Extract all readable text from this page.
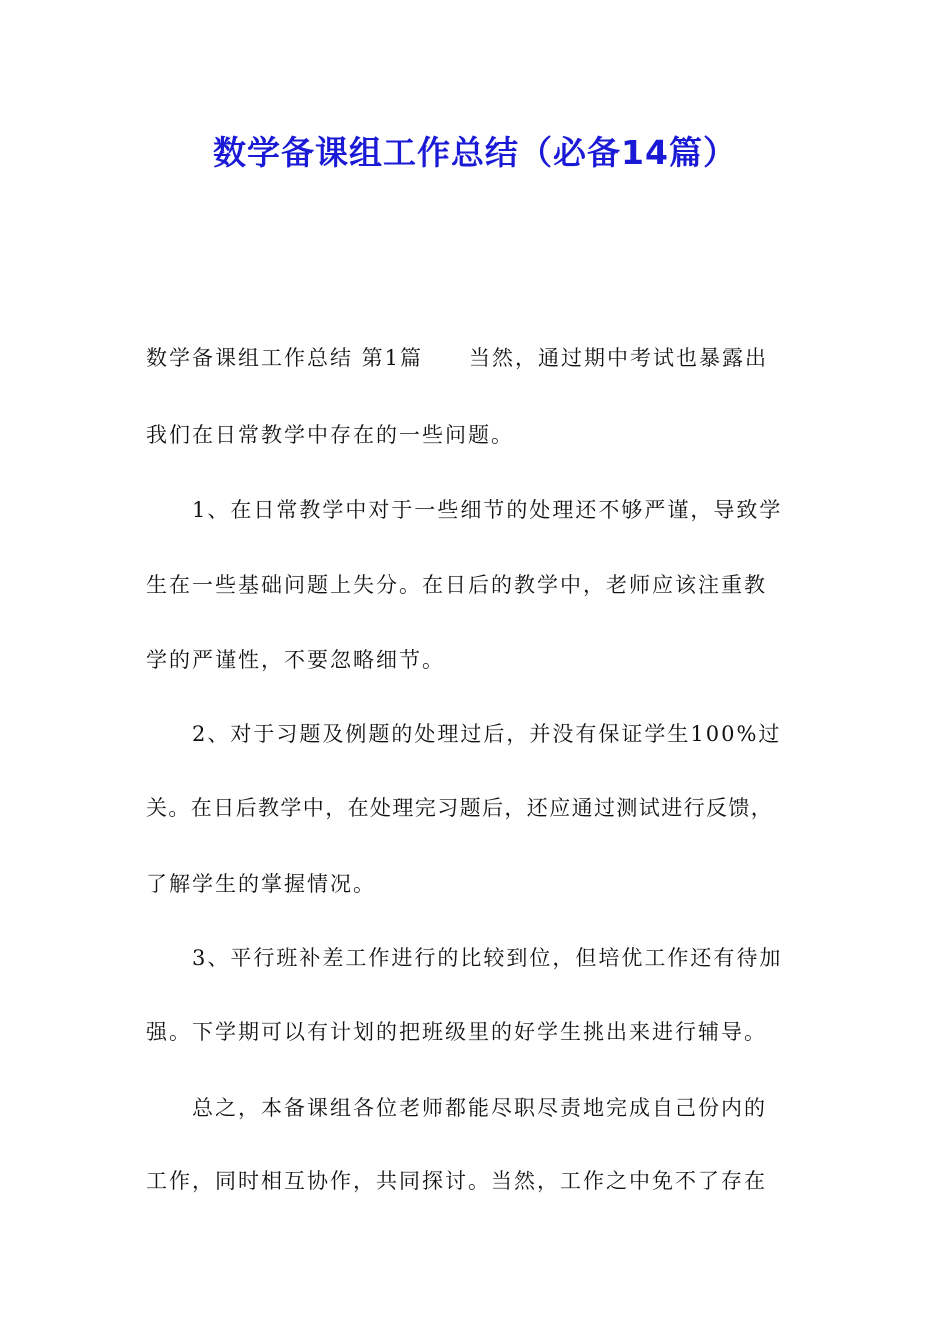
数学备课组工作总结（必备14篇）

数学备课组工作总结 第1篇 当然，通过期中考试也暴露出

我们在日常教学中存在的一些问题。

1、在日常教学中对于一些细节的处理还不够严谨，导致学

生在一些基础问题上失分。在日后的教学中，老师应该注重教

学的严谨性，不要忽略细节。

2、对于习题及例题的处理过后，并没有保证学生100%过

关。在日后教学中，在处理完习题后，还应通过测试进行反馈，

了解学生的掌握情况。

3、平行班补差工作进行的比较到位，但培优工作还有待加

强。下学期可以有计划的把班级里的好学生挑出来进行辅导。

总之，本备课组各位老师都能尽职尽责地完成自己份内的

工作，同时相互协作，共同探讨。当然，工作之中免不了存在
